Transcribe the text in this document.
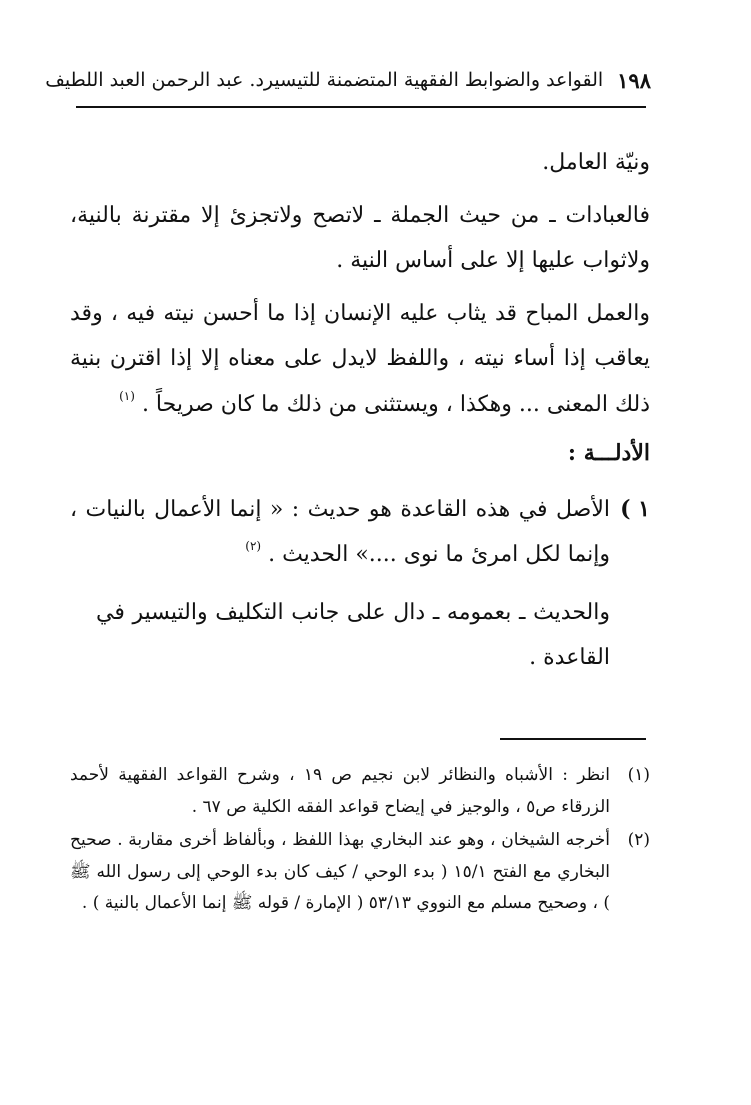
١٩٨
القواعد والضوابط الفقهية المتضمنة للتيسير
د. عبد الرحمن العبد اللطيف

ونيّة العامل.

فالعبادات ـ من حيث الجملة ـ لاتصح ولاتجزئ إلا مقترنة بالنية، ولاثواب عليها إلا على أساس النية .

والعمل المباح قد يثاب عليه الإنسان إذا ما أحسن نيته فيه ، وقد يعاقب إذا أساء نيته ، واللفظ لايدل على معناه إلا إذا اقترن بنية ذلك المعنى ... وهكذا ، ويستثنى من ذلك ما كان صريحاً . $^{(١)}$

الأدلـــة :

١ )
الأصل في هذه القاعدة هو حديث : « إنما الأعمال بالنيات ، وإنما لكل امرئ ما نوى ....» الحديث . $^{(٢)}$

والحديث ـ بعمومه ـ دال على جانب التكليف والتيسير في القاعدة .

(١)
انظر : الأشباه والنظائر لابن نجيم ص ١٩ ، وشرح القواعد الفقهية لأحمد الزرقاء ص٥ ، والوجيز في إيضاح قواعد الفقه الكلية ص ٦٧ .
(٢)
أخرجه الشيخان ، وهو عند البخاري بهذا اللفظ ، وبألفاظ أخرى مقاربة . صحيح البخاري مع الفتح ١٥/١ ( بدء الوحي / كيف كان بدء الوحي إلى رسول الله ﷺ ) ، وصحيح مسلم مع النووي ٥٣/١٣ ( الإمارة / قوله ﷺ إنما الأعمال بالنية ) .
